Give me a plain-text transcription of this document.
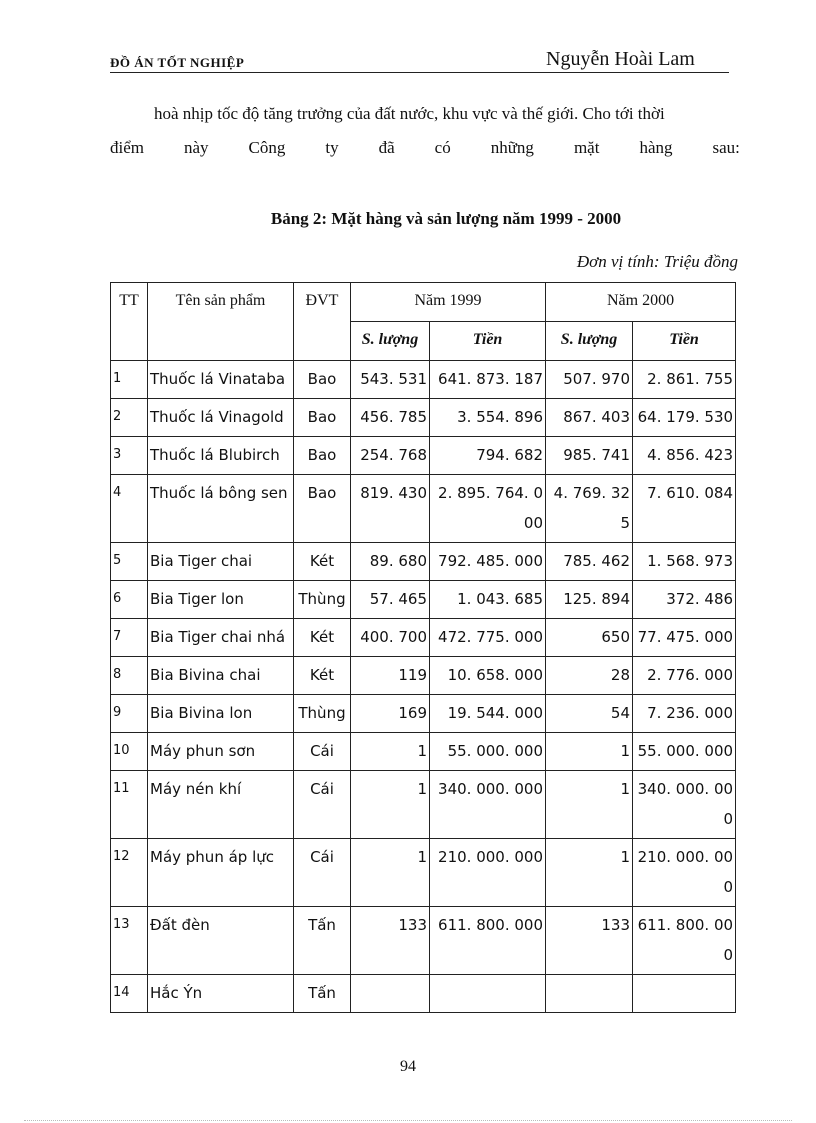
ĐỒ ÁN TỐT NGHIỆP	Nguyễn Hoài Lam
hoà nhịp tốc độ tăng trưởng của đất nước, khu vực và thế giới. Cho tới thời
điểm này Công ty đã có những mặt hàng sau:
Bảng 2: Mặt hàng và sản lượng năm 1999 - 2000
Đơn vị tính: Triệu đồng
TT	Tên sản phẩm	ĐVT	Năm 1999		Năm 2000	
			S. lượng	Tiền	S. lượng	Tiền
1	Thuốc lá Vinataba	Bao	543. 531	641. 873. 187	507. 970	2. 861. 755
2	Thuốc lá Vinagold	Bao	456. 785	3. 554. 896	867. 403	64. 179. 530
3	Thuốc lá Blubirch	Bao	254. 768	794. 682	985. 741	4. 856. 423
4	Thuốc lá bông sen	Bao	819. 430	2. 895. 764. 000	4. 769. 325	7. 610. 084
5	Bia Tiger chai	Két	89. 680	792. 485. 000	785. 462	1. 568. 973
6	Bia Tiger lon	Thùng	57. 465	1. 043. 685	125. 894	372. 486
7	Bia Tiger chai nhá	Két	400. 700	472. 775. 000	650	77. 475. 000
8	Bia Bivina chai	Két	119	10. 658. 000	28	2. 776. 000
9	Bia Bivina lon	Thùng	169	19. 544. 000	54	7. 236. 000
10	Máy phun sơn	Cái	1	55. 000. 000	1	55. 000. 000
11	Máy nén khí	Cái	1	340. 000. 000	1	340. 000. 000
12	Máy phun áp lực	Cái	1	210. 000. 000	1	210. 000. 000
13	Đất đèn	Tấn	133	611. 800. 000	133	611. 800. 000
14	Hắc Ýn	Tấn				
94
